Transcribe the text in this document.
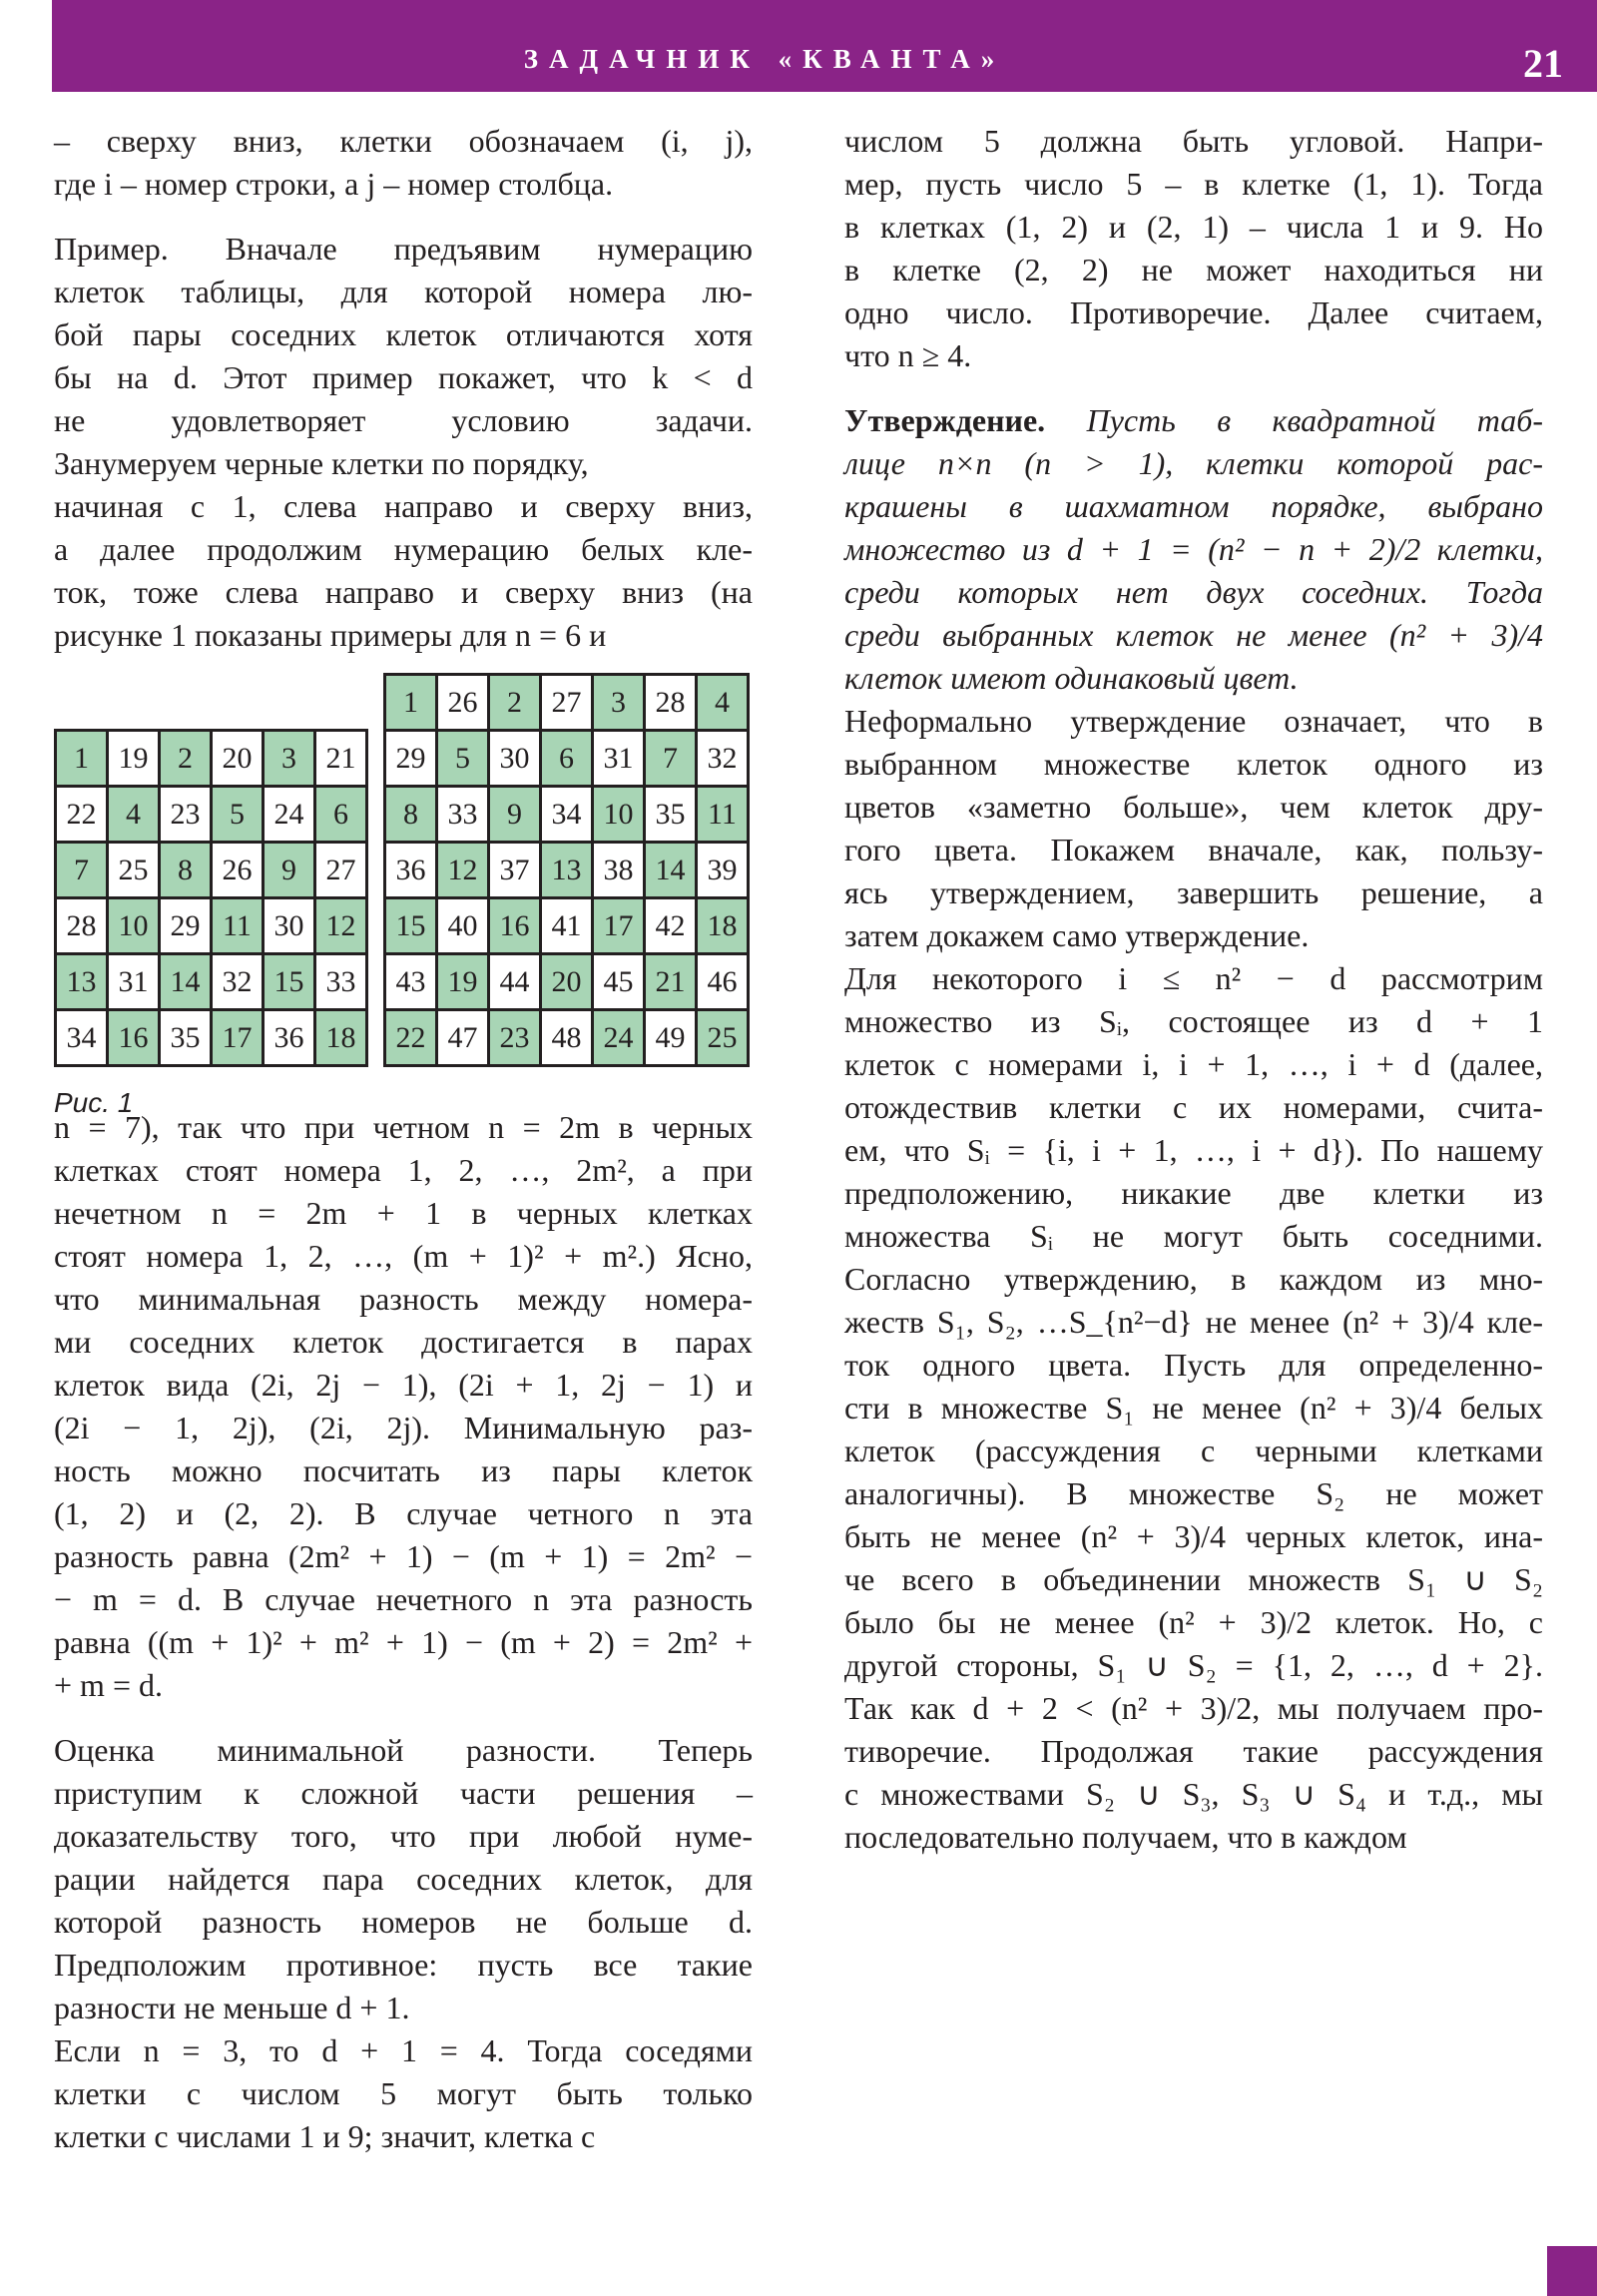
ЗАДАЧНИК «КВАНТА»	21
– сверху вниз, клетки обозначаем (i, j),
где i – номер строки, а j – номер столбца.
Пример. Вначале предъявим нумерацию
клеток таблицы, для которой номера лю-
бой пары соседних клеток отличаются хотя
бы на d. Этот пример покажет, что k < d
не удовлетворяет условию задачи.
Занумеруем черные клетки по порядку,
начиная с 1, слева направо и сверху вниз,
а далее продолжим нумерацию белых кле-
ток, тоже слева направо и сверху вниз (на
рисунке 1 показаны примеры для n = 6 и
1	19	2	20	3	21
22	4	23	5	24	6
7	25	8	26	9	27
28	10	29	11	30	12
13	31	14	32	15	33
34	16	35	17	36	18
1	26	2	27	3	28	4
29	5	30	6	31	7	32
8	33	9	34	10	35	11
36	12	37	13	38	14	39
15	40	16	41	17	42	18
43	19	44	20	45	21	46
22	47	23	48	24	49	25
Рис. 1
n = 7), так что при четном n = 2m в черных
клетках стоят номера 1, 2, …, 2m², а при
нечетном n = 2m + 1 в черных клетках
стоят номера 1, 2, …, (m + 1)² + m².) Ясно,
что минимальная разность между номера-
ми соседних клеток достигается в парах
клеток вида (2i, 2j − 1), (2i + 1, 2j − 1) и
(2i − 1, 2j), (2i, 2j). Минимальную раз-
ность можно посчитать из пары клеток
(1, 2) и (2, 2). В случае четного n эта
разность равна (2m² + 1) − (m + 1) = 2m² −
− m = d. В случае нечетного n эта разность
равна ((m + 1)² + m² + 1) − (m + 2) = 2m² +
+ m = d.
Оценка минимальной разности. Теперь
приступим к сложной части решения –
доказательству того, что при любой нуме-
рации найдется пара соседних клеток, для
которой разность номеров не больше d.
Предположим противное: пусть все такие
разности не меньше d + 1.
Если n = 3, то d + 1 = 4. Тогда соседями
клетки с числом 5 могут быть только
клетки с числами 1 и 9; значит, клетка с
числом 5 должна быть угловой. Напри-
мер, пусть число 5 – в клетке (1, 1). Тогда
в клетках (1, 2) и (2, 1) – числа 1 и 9. Но
в клетке (2, 2) не может находиться ни
одно число. Противоречие. Далее считаем,
что n ≥ 4.
Утверждение. Пусть в квадратной таб-
лице n×n (n > 1), клетки которой рас-
крашены в шахматном порядке, выбрано
множество из d + 1 = (n² − n + 2)/2 клетки,
среди которых нет двух соседних. Тогда
среди выбранных клеток не менее (n² + 3)/4
клеток имеют одинаковый цвет.
Неформально утверждение означает, что в
выбранном множестве клеток одного из
цветов «заметно больше», чем клеток дру-
гого цвета. Покажем вначале, как, пользу-
ясь утверждением, завершить решение, а
затем докажем само утверждение.
Для некоторого i ≤ n² − d рассмотрим
множество из Sᵢ, состоящее из d + 1
клеток с номерами i, i + 1, …, i + d (далее,
отождествив клетки с их номерами, счита-
ем, что Sᵢ = {i, i + 1, …, i + d}). По нашему
предположению, никакие две клетки из
множества Sᵢ не могут быть соседними.
Согласно утверждению, в каждом из мно-
жеств S₁, S₂, …S_{n²−d} не менее (n² + 3)/4 кле-
ток одного цвета. Пусть для определенно-
сти в множестве S₁ не менее (n² + 3)/4 белых
клеток (рассуждения с черными клетками
аналогичны). В множестве S₂ не может
быть не менее (n² + 3)/4 черных клеток, ина-
че всего в объединении множеств S₁ ∪ S₂
было бы не менее (n² + 3)/2 клеток. Но, с
другой стороны, S₁ ∪ S₂ = {1, 2, …, d + 2}.
Так как d + 2 < (n² + 3)/2, мы получаем про-
тиворечие. Продолжая такие рассуждения
с множествами S₂ ∪ S₃, S₃ ∪ S₄ и т.д., мы
последовательно получаем, что в каждом
